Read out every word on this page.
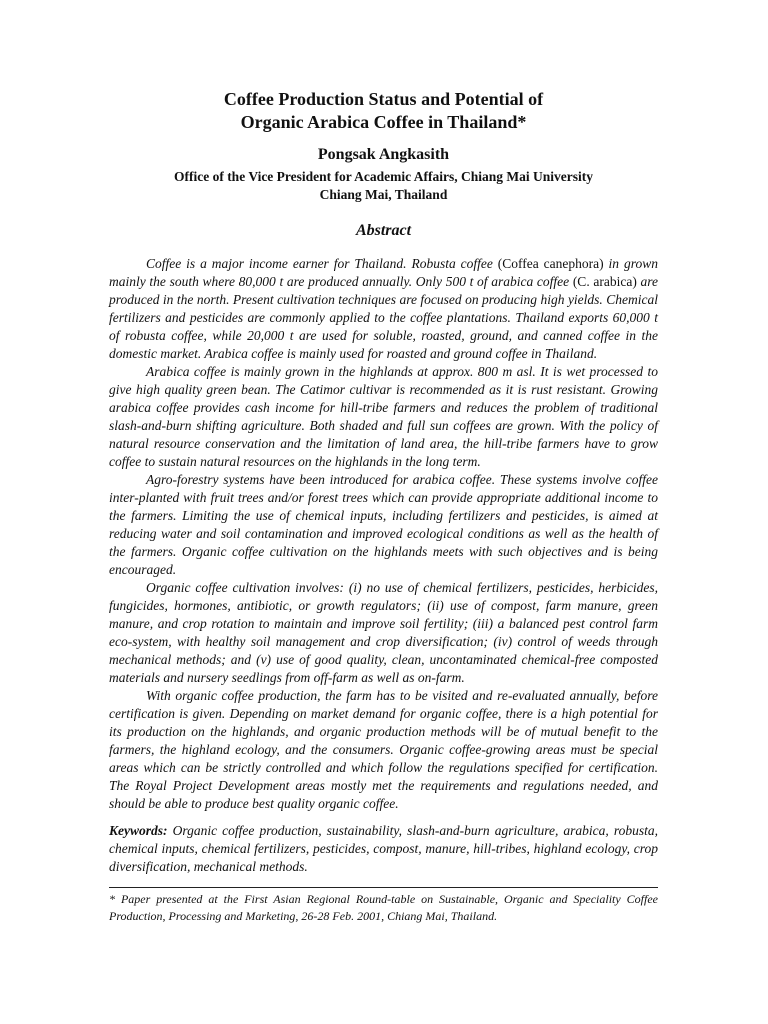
Coffee Production Status and Potential of
Organic Arabica Coffee in Thailand*
Pongsak Angkasith
Office of the Vice President for Academic Affairs, Chiang Mai University
Chiang Mai, Thailand
Abstract

Coffee is a major income earner for Thailand. Robusta coffee (Coffea canephora) in grown mainly the south where 80,000 t are produced annually. Only 500 t of arabica coffee (C. arabica) are produced in the north. Present cultivation techniques are focused on producing high yields. Chemical fertilizers and pesticides are commonly applied to the coffee plantations. Thailand exports 60,000 t of robusta coffee, while 20,000 t are used for soluble, roasted, ground, and canned coffee in the domestic market. Arabica coffee is mainly used for roasted and ground coffee in Thailand.

Arabica coffee is mainly grown in the highlands at approx. 800 m asl. It is wet processed to give high quality green bean. The Catimor cultivar is recommended as it is rust resistant. Growing arabica coffee provides cash income for hill-tribe farmers and reduces the problem of traditional slash-and-burn shifting agriculture. Both shaded and full sun coffees are grown. With the policy of natural resource conservation and the limitation of land area, the hill-tribe farmers have to grow coffee to sustain natural resources on the highlands in the long term.

Agro-forestry systems have been introduced for arabica coffee. These systems involve coffee inter-planted with fruit trees and/or forest trees which can provide appropriate additional income to the farmers. Limiting the use of chemical inputs, including fertilizers and pesticides, is aimed at reducing water and soil contamination and improved ecological conditions as well as the health of the farmers. Organic coffee cultivation on the highlands meets with such objectives and is being encouraged.

Organic coffee cultivation involves: (i) no use of chemical fertilizers, pesticides, herbicides, fungicides, hormones, antibiotic, or growth regulators; (ii) use of compost, farm manure, green manure, and crop rotation to maintain and improve soil fertility; (iii) a balanced pest control farm eco-system, with healthy soil management and crop diversification; (iv) control of weeds through mechanical methods; and (v) use of good quality, clean, uncontaminated chemical-free composted materials and nursery seedlings from off-farm as well as on-farm.

With organic coffee production, the farm has to be visited and re-evaluated annually, before certification is given. Depending on market demand for organic coffee, there is a high potential for its production on the highlands, and organic production methods will be of mutual benefit to the farmers, the highland ecology, and the consumers. Organic coffee-growing areas must be special areas which can be strictly controlled and which follow the regulations specified for certification. The Royal Project Development areas mostly met the requirements and regulations needed, and should be able to produce best quality organic coffee.

Keywords: Organic coffee production, sustainability, slash-and-burn agriculture, arabica, robusta, chemical inputs, chemical fertilizers, pesticides, compost, manure, hill-tribes, highland ecology, crop diversification, mechanical methods.
* Paper presented at the First Asian Regional Round-table on Sustainable, Organic and Speciality Coffee Production, Processing and Marketing, 26-28 Feb. 2001, Chiang Mai, Thailand.
